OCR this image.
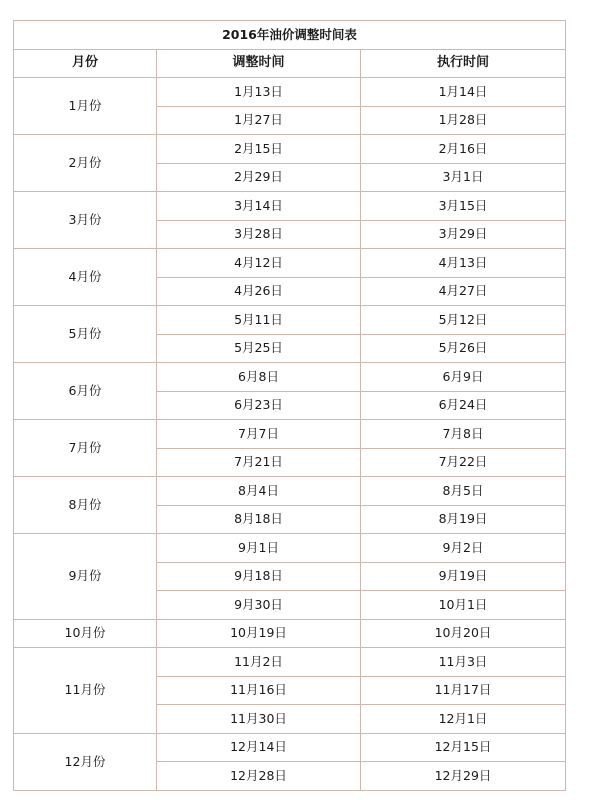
2016年油价调整时间表		
月份	调整时间	执行时间
1月份	1月13日	1月14日
	1月27日	1月28日
2月份	2月15日	2月16日
	2月29日	3月1日
3月份	3月14日	3月15日
	3月28日	3月29日
4月份	4月12日	4月13日
	4月26日	4月27日
5月份	5月11日	5月12日
	5月25日	5月26日
6月份	6月8日	6月9日
	6月23日	6月24日
7月份	7月7日	7月8日
	7月21日	7月22日
8月份	8月4日	8月5日
	8月18日	8月19日
9月份	9月1日	9月2日
	9月18日	9月19日
	9月30日	10月1日
10月份	10月19日	10月20日
11月份	11月2日	11月3日
	11月16日	11月17日
	11月30日	12月1日
12月份	12月14日	12月15日
	12月28日	12月29日
